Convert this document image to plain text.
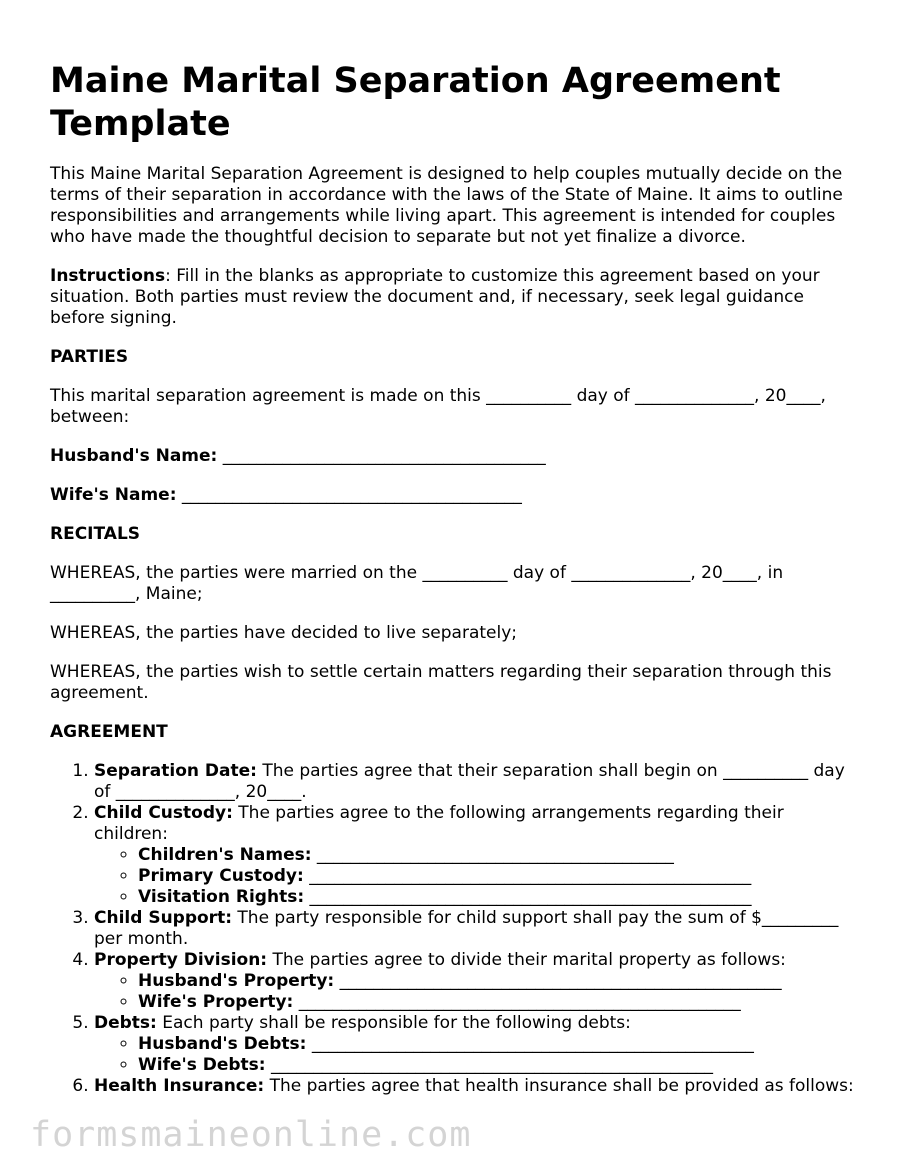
Maine Marital Separation Agreement Template

This Maine Marital Separation Agreement is designed to help couples mutually decide on the terms of their separation in accordance with the laws of the State of Maine. It aims to outline responsibilities and arrangements while living apart. This agreement is intended for couples who have made the thoughtful decision to separate but not yet finalize a divorce.

Instructions: Fill in the blanks as appropriate to customize this agreement based on your situation. Both parties must review the document and, if necessary, seek legal guidance before signing.

PARTIES

This marital separation agreement is made on this __________ day of ______________, 20____, between:

Husband's Name: ______________________________________

Wife's Name: ________________________________________

RECITALS

WHEREAS, the parties were married on the __________ day of ______________, 20____, in __________, Maine;

WHEREAS, the parties have decided to live separately;

WHEREAS, the parties wish to settle certain matters regarding their separation through this agreement.

AGREEMENT
1. Separation Date: The parties agree that their separation shall begin on __________ day of ______________, 20____.
2. Child Custody: The parties agree to the following arrangements regarding their children:
◦ Children's Names: __________________________________________
◦ Primary Custody: ____________________________________________________
◦ Visitation Rights: ____________________________________________________
3. Child Support: The party responsible for child support shall pay the sum of $_________ per month.
4. Property Division: The parties agree to divide their marital property as follows:
◦ Husband's Property: ____________________________________________________
◦ Wife's Property: ____________________________________________________
5. Debts: Each party shall be responsible for the following debts:
◦ Husband's Debts: ____________________________________________________
◦ Wife's Debts: ____________________________________________________
6. Health Insurance: The parties agree that health insurance shall be provided as follows:
formsmaineonline.com
